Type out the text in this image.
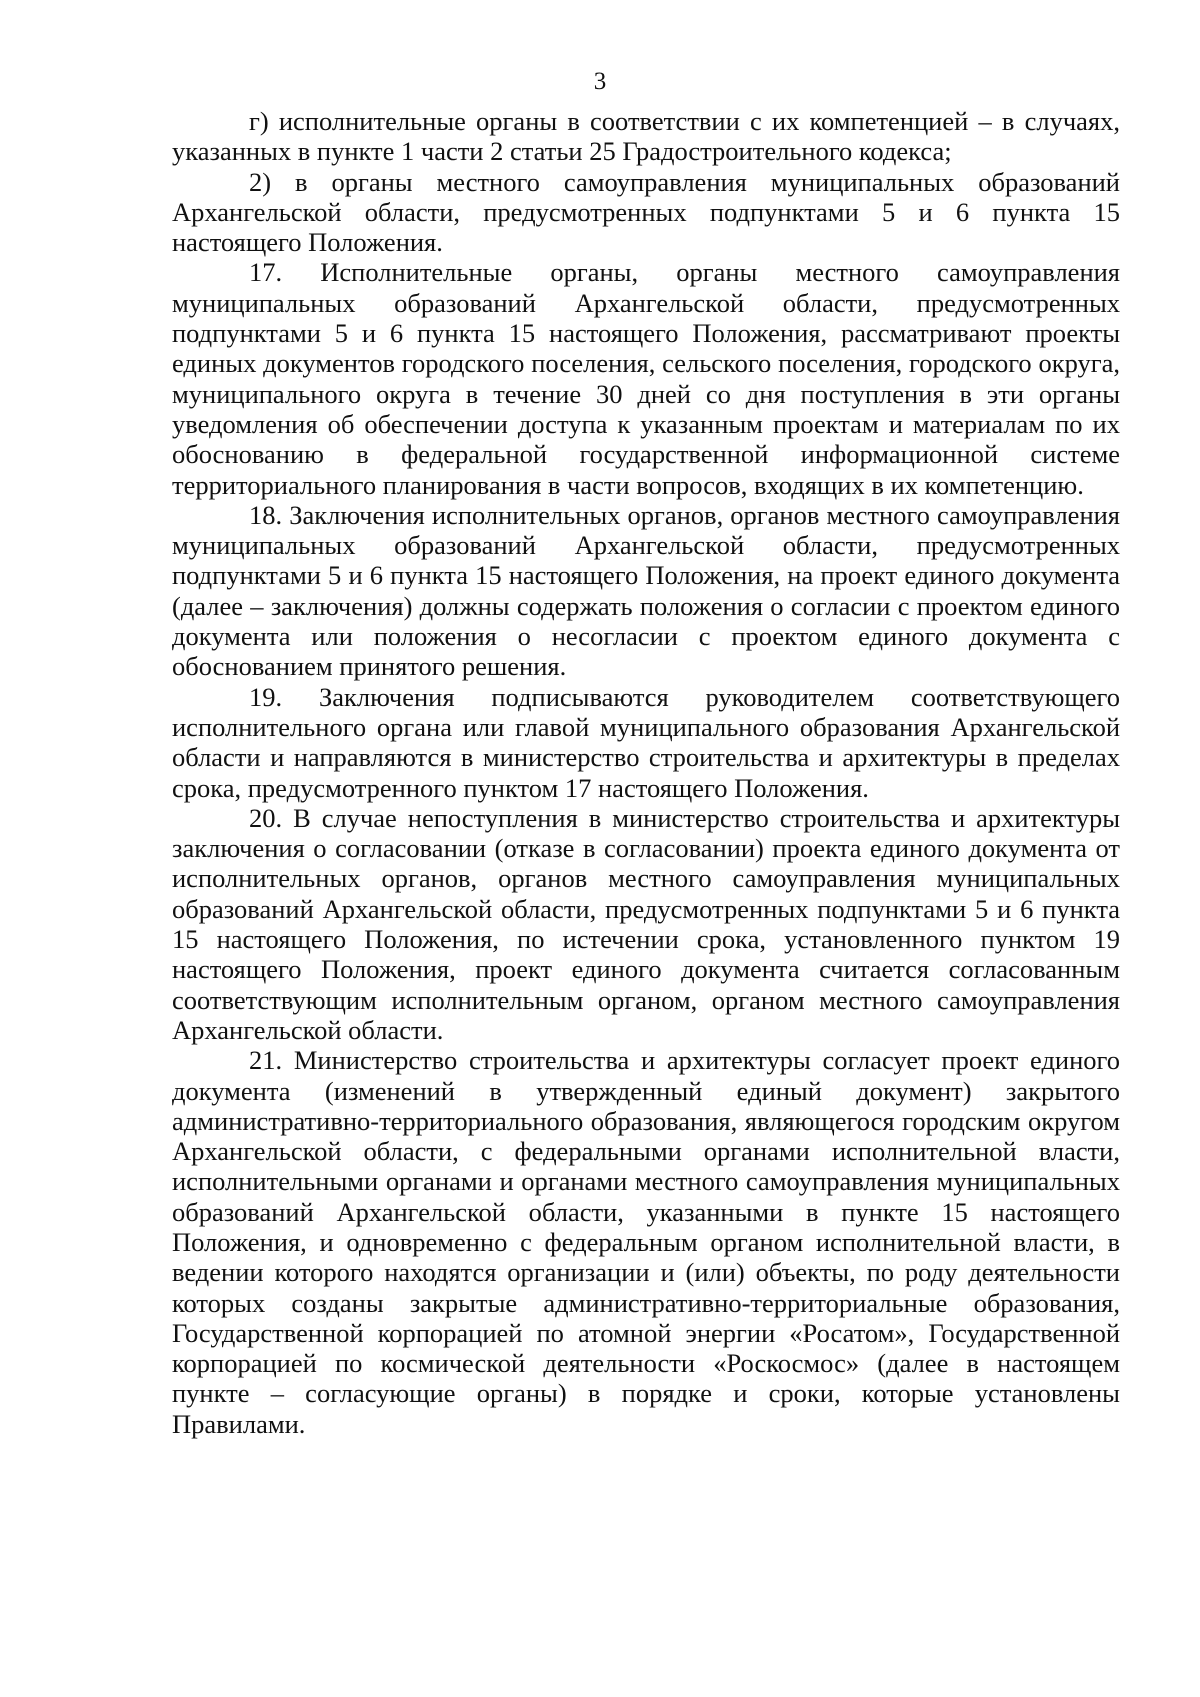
3

г) исполнительные органы в соответствии с их компетенцией – в случаях, указанных в пункте 1 части 2 статьи 25 Градостроительного кодекса;

2) в органы местного самоуправления муниципальных образований Архангельской области, предусмотренных подпунктами 5 и 6 пункта 15 настоящего Положения.

17. Исполнительные органы, органы местного самоуправления муниципальных образований Архангельской области, предусмотренных подпунктами 5 и 6 пункта 15 настоящего Положения, рассматривают проекты единых документов городского поселения, сельского поселения, городского округа, муниципального округа в течение 30 дней со дня поступления в эти органы уведомления об обеспечении доступа к указанным проектам и материалам по их обоснованию в федеральной государственной информационной системе территориального планирования в части вопросов, входящих в их компетенцию.

18. Заключения исполнительных органов, органов местного самоуправления муниципальных образований Архангельской области, предусмотренных подпунктами 5 и 6 пункта 15 настоящего Положения, на проект единого документа (далее – заключения) должны содержать положения о согласии с проектом единого документа или положения о несогласии с проектом единого документа с обоснованием принятого решения.

19. Заключения подписываются руководителем соответствующего исполнительного органа или главой муниципального образования Архангельской области и направляются в министерство строительства и архитектуры в пределах срока, предусмотренного пунктом 17 настоящего Положения.

20. В случае непоступления в министерство строительства и архитектуры заключения о согласовании (отказе в согласовании) проекта единого документа от исполнительных органов, органов местного самоуправления муниципальных образований Архангельской области, предусмотренных подпунктами 5 и 6 пункта 15 настоящего Положения, по истечении срока, установленного пунктом 19 настоящего Положения, проект единого документа считается согласованным соответствующим исполнительным органом, органом местного самоуправления Архангельской области.

21. Министерство строительства и архитектуры согласует проект единого документа (изменений в утвержденный единый документ) закрытого административно-территориального образования, являющегося городским округом Архангельской области, с федеральными органами исполнительной власти, исполнительными органами и органами местного самоуправления муниципальных образований Архангельской области, указанными в пункте 15 настоящего Положения, и одновременно с федеральным органом исполнительной власти, в ведении которого находятся организации и (или) объекты, по роду деятельности которых созданы закрытые административно-территориальные образования, Государственной корпорацией по атомной энергии «Росатом», Государственной корпорацией по космической деятельности «Роскосмос» (далее в настоящем пункте – согласующие органы) в порядке и сроки, которые установлены Правилами.
